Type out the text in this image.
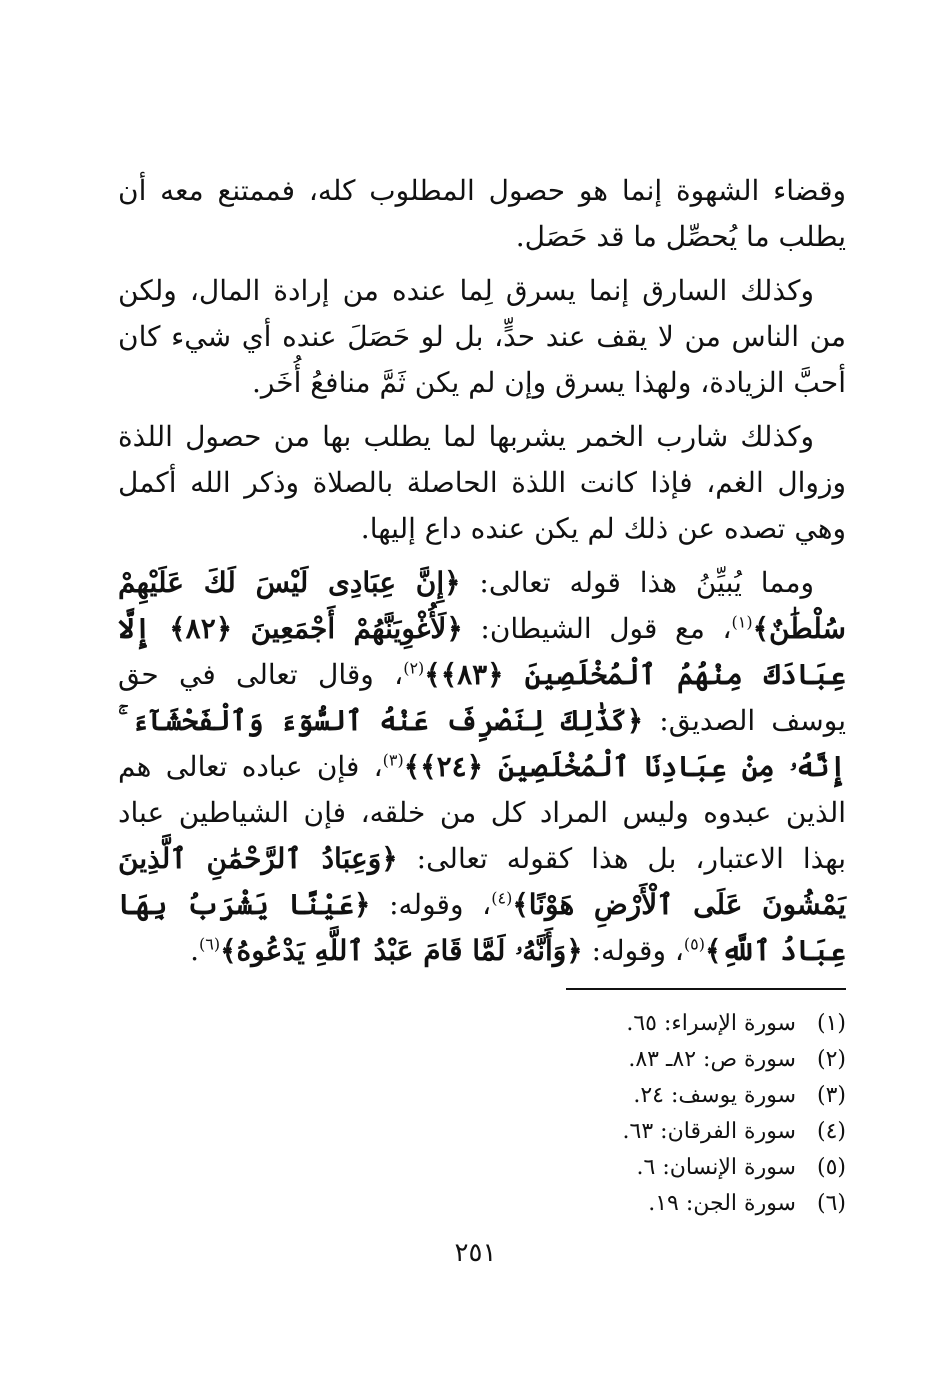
وقضاء الشهوة إنما هو حصول المطلوب كله، فممتنع معه أن يطلب ما يُحصِّل ما قد حَصَل.

وكذلك السارق إنما يسرق لِما عنده من إرادة المال، ولكن من الناس من لا يقف عند حدٍّ، بل لو حَصَلَ عنده أي شيء كان أحبَّ الزيادة، ولهذا يسرق وإن لم يكن ثَمَّ منافعُ أُخَر.

وكذلك شارب الخمر يشربها لما يطلب بها من حصول اللذة وزوال الغم، فإذا كانت اللذة الحاصلة بالصلاة وذكر الله أكمل وهي تصده عن ذلك لم يكن عنده داع إليها.

ومما يُبيِّنُ هذا قوله تعالى: ﴿إِنَّ عِبَادِى لَيْسَ لَكَ عَلَيْهِمْ سُلْطَٰنٌ﴾$^{(١)}$، مع قول الشيطان: ﴿لَأُغْوِيَنَّهُمْ أَجْمَعِينَ ﴿٨٢﴾ إِلَّا عِبَادَكَ مِنْهُمُ ٱلْمُخْلَصِينَ ﴿٨٣﴾﴾$^{(٢)}$، وقال تعالى في حق يوسف الصديق: ﴿كَذَٰلِكَ لِنَصْرِفَ عَنْهُ ٱلسُّوٓءَ وَٱلْفَحْشَآءَ ۚ إِنَّهُۥ مِنْ عِبَادِنَا ٱلْمُخْلَصِينَ ﴿٢٤﴾﴾$^{(٣)}$، فإن عباده تعالى هم الذين عبدوه وليس المراد كل من خلقه، فإن الشياطين عباد بهذا الاعتبار، بل هذا كقوله تعالى: ﴿وَعِبَادُ ٱلرَّحْمَٰنِ ٱلَّذِينَ يَمْشُونَ عَلَى ٱلْأَرْضِ هَوْنًا﴾$^{(٤)}$، وقوله: ﴿عَيْنًا يَشْرَبُ بِهَا عِبَادُ ٱللَّهِ﴾$^{(٥)}$، وقوله: ﴿وَأَنَّهُۥ لَمَّا قَامَ عَبْدُ ٱللَّهِ يَدْعُوهُ﴾$^{(٦)}$.

(١)
سورة الإسراء: ٦٥.
(٢)
سورة ص: ٨٢ـ ٨٣.
(٣)
سورة يوسف: ٢٤.
(٤)
سورة الفرقان: ٦٣.
(٥)
سورة الإنسان: ٦.
(٦)
سورة الجن: ١٩.
٢٥١
